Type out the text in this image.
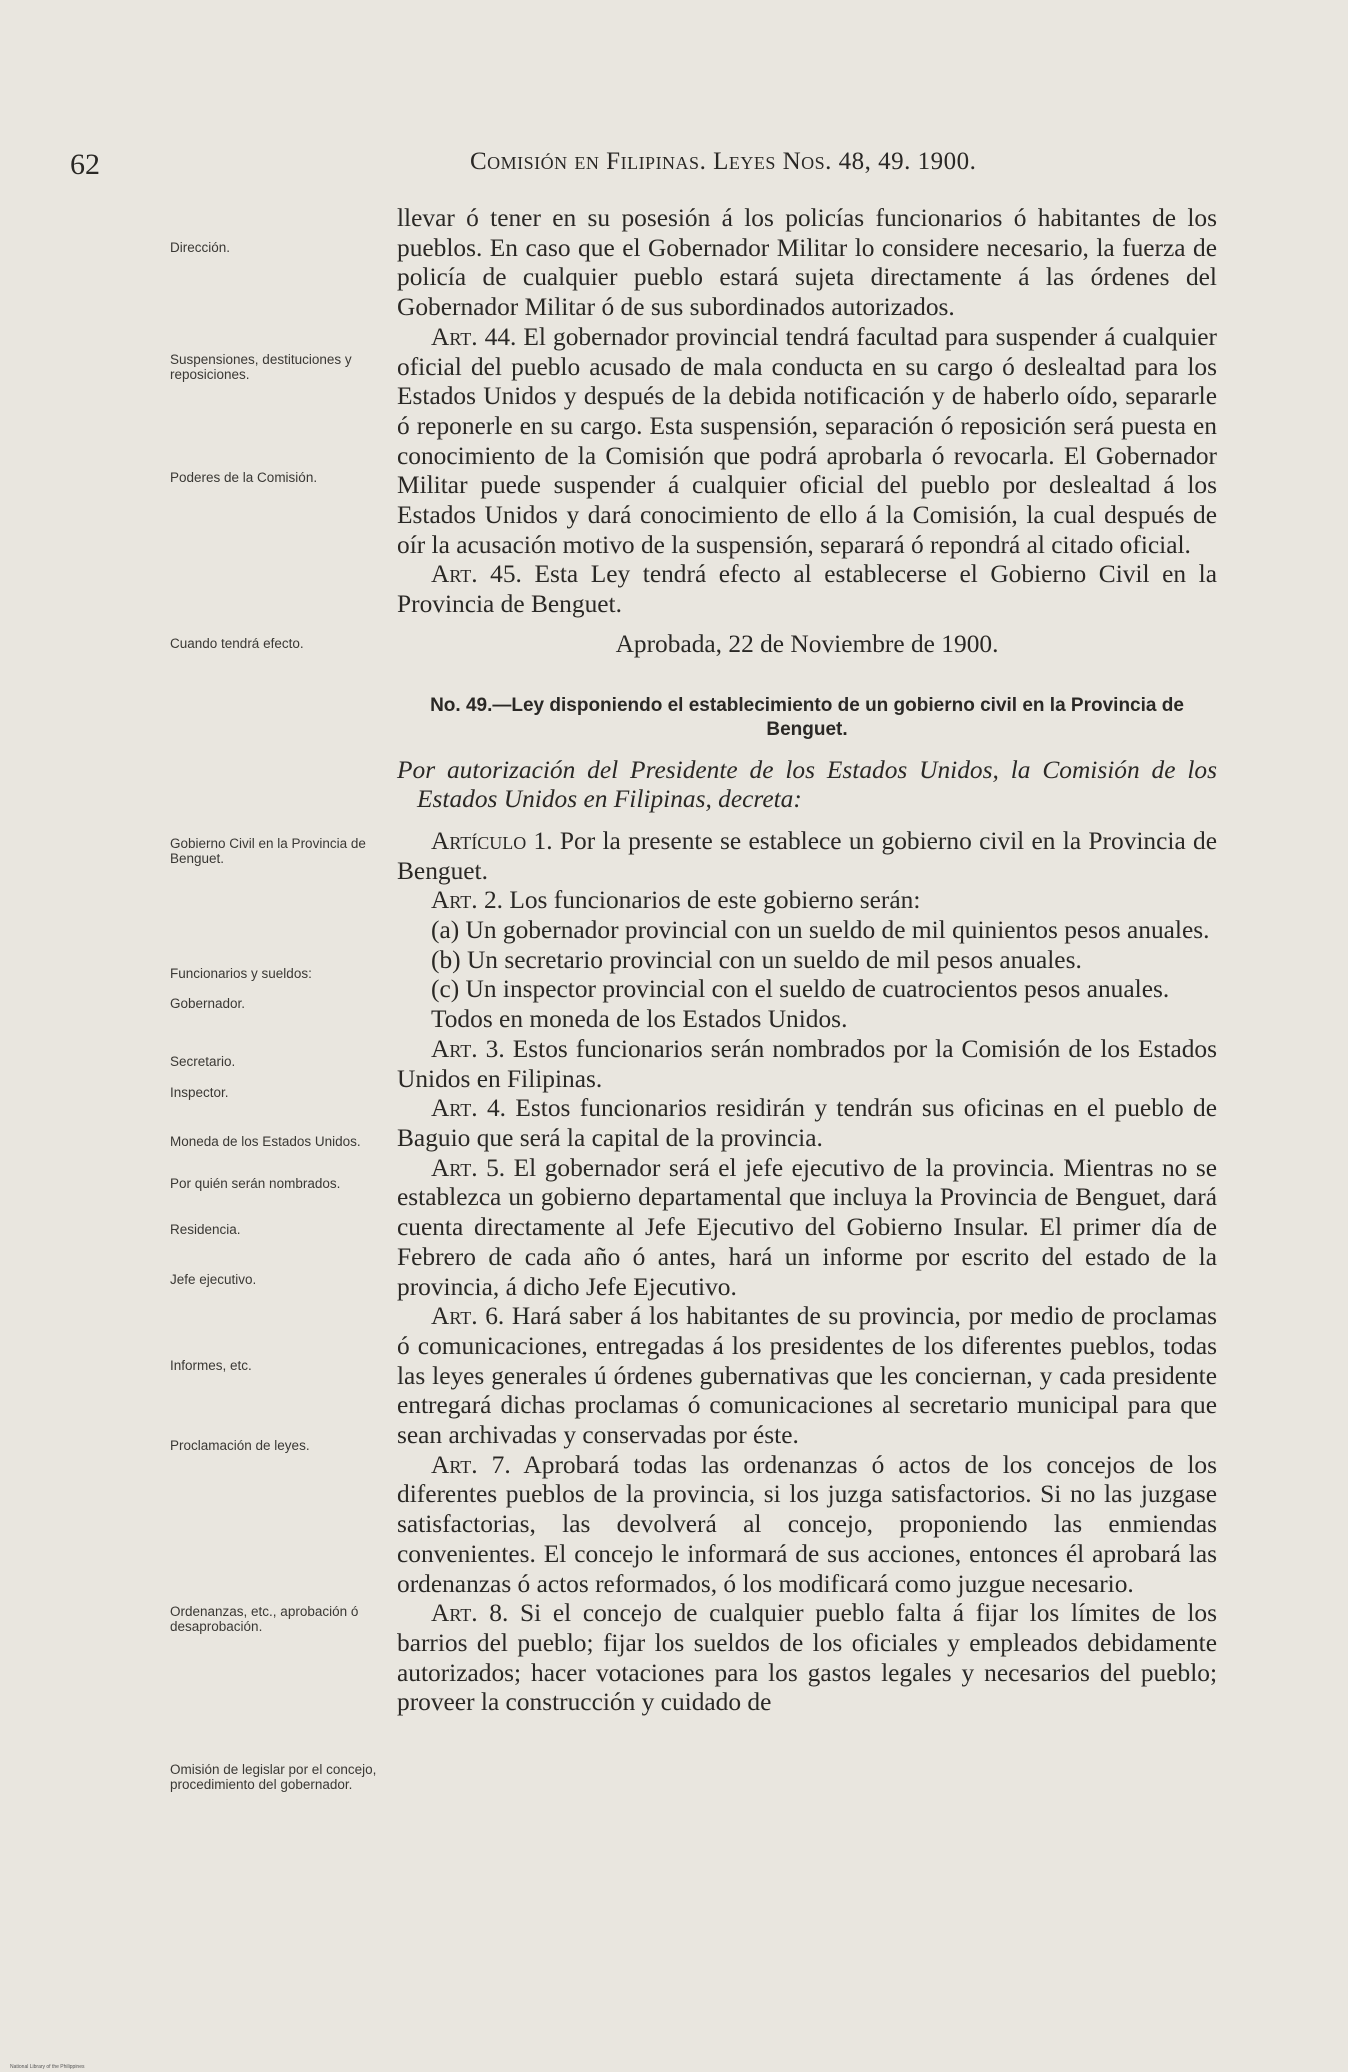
62	Comisión en Filipinas. Leyes Nos. 48, 49. 1900.
Dirección.
Suspensiones, destituciones y reposiciones.
Poderes de la Comisión.
Cuando tendrá efecto.
Gobierno Civil en la Provincia de Benguet.
Funcionarios y sueldos:
Gobernador.
Secretario.
Inspector.
Moneda de los Estados Unidos.
Por quién serán nombrados.
Residencia.
Jefe ejecutivo.
Informes, etc.
Proclamación de leyes.
Ordenanzas, etc., aprobación ó desaprobación.
Omisión de legislar por el concejo, procedimiento del gobernador.

llevar ó tener en su posesión á los policías funcionarios ó habitantes de los pueblos. En caso que el Gobernador Militar lo considere necesario, la fuerza de policía de cualquier pueblo estará sujeta directamente á las órdenes del Gobernador Militar ó de sus subordinados autorizados.

Art. 44. El gobernador provincial tendrá facultad para suspender á cualquier oficial del pueblo acusado de mala conducta en su cargo ó deslealtad para los Estados Unidos y después de la debida notificación y de haberlo oído, separarle ó reponerle en su cargo. Esta suspensión, separación ó reposición será puesta en conocimiento de la Comisión que podrá aprobarla ó revocarla. El Gobernador Militar puede suspender á cualquier oficial del pueblo por deslealtad á los Estados Unidos y dará conocimiento de ello á la Comisión, la cual después de oír la acusación motivo de la suspensión, separará ó repondrá al citado oficial.

Art. 45. Esta Ley tendrá efecto al establecerse el Gobierno Civil en la Provincia de Benguet.

Aprobada, 22 de Noviembre de 1900.

No. 49.—Ley disponiendo el establecimiento de un gobierno civil en la Provincia de Benguet.

Por autorización del Presidente de los Estados Unidos, la Comisión de los Estados Unidos en Filipinas, decreta:

Artículo 1. Por la presente se establece un gobierno civil en la Provincia de Benguet.

Art. 2. Los funcionarios de este gobierno serán:

(a) Un gobernador provincial con un sueldo de mil quinientos pesos anuales.

(b) Un secretario provincial con un sueldo de mil pesos anuales.

(c) Un inspector provincial con el sueldo de cuatrocientos pesos anuales.

Todos en moneda de los Estados Unidos.

Art. 3. Estos funcionarios serán nombrados por la Comisión de los Estados Unidos en Filipinas.

Art. 4. Estos funcionarios residirán y tendrán sus oficinas en el pueblo de Baguio que será la capital de la provincia.

Art. 5. El gobernador será el jefe ejecutivo de la provincia. Mientras no se establezca un gobierno departamental que incluya la Provincia de Benguet, dará cuenta directamente al Jefe Ejecutivo del Gobierno Insular. El primer día de Febrero de cada año ó antes, hará un informe por escrito del estado de la provincia, á dicho Jefe Ejecutivo.

Art. 6. Hará saber á los habitantes de su provincia, por medio de proclamas ó comunicaciones, entregadas á los presidentes de los diferentes pueblos, todas las leyes generales ú órdenes gubernativas que les conciernan, y cada presidente entregará dichas proclamas ó comunicaciones al secretario municipal para que sean archivadas y conservadas por éste.

Art. 7. Aprobará todas las ordenanzas ó actos de los concejos de los diferentes pueblos de la provincia, si los juzga satisfactorios. Si no las juzgase satisfactorias, las devolverá al concejo, proponiendo las enmiendas convenientes. El concejo le informará de sus acciones, entonces él aprobará las ordenanzas ó actos reformados, ó los modificará como juzgue necesario.

Art. 8. Si el concejo de cualquier pueblo falta á fijar los límites de los barrios del pueblo; fijar los sueldos de los oficiales y empleados debidamente autorizados; hacer votaciones para los gastos legales y necesarios del pueblo; proveer la construcción y cuidado de

National Library of the Philippines
